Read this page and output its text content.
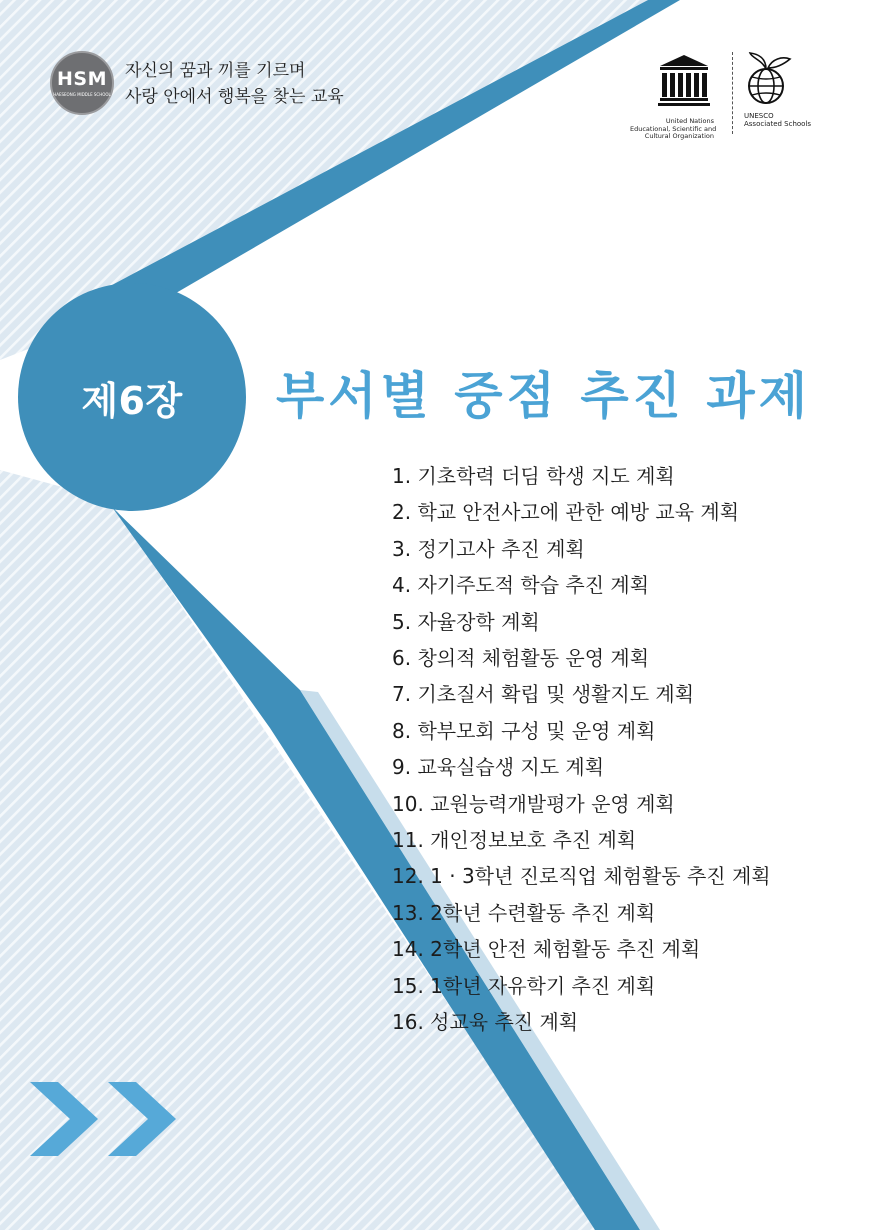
HSM
HAESEONG MIDDLE SCHOOL
자신의 꿈과 끼를 기르며
사랑 안에서 행복을 찾는 교육
United Nations
Educational, Scientific and
Cultural Organization
UNESCO
Associated Schools
제6장 부서별 중점 추진 과제
1. 기초학력 더딤 학생 지도 계획
2. 학교 안전사고에 관한 예방 교육 계획
3. 정기고사 추진 계획
4. 자기주도적 학습 추진 계획
5. 자율장학 계획
6. 창의적 체험활동 운영 계획
7. 기초질서 확립 및 생활지도 계획
8. 학부모회 구성 및 운영 계획
9. 교육실습생 지도 계획
10. 교원능력개발평가 운영 계획
11. 개인정보보호 추진 계획
12. 1 · 3학년 진로직업 체험활동 추진 계획
13. 2학년 수련활동 추진 계획
14. 2학년 안전 체험활동 추진 계획
15. 1학년 자유학기 추진 계획
16. 성교육 추진 계획
